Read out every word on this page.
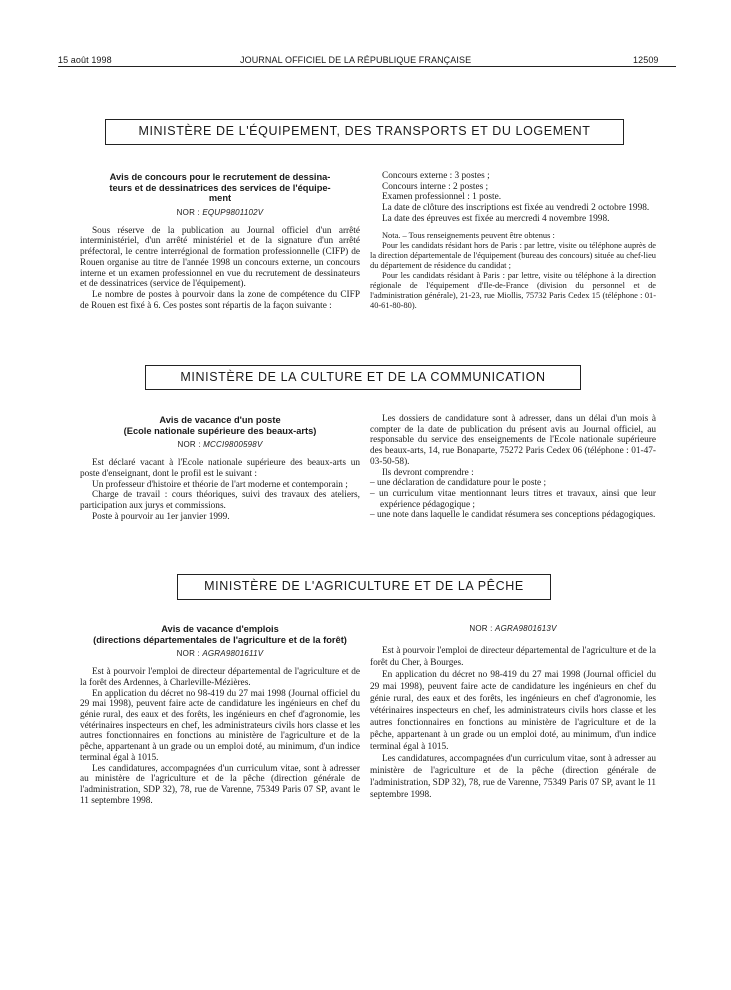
15 août 1998	JOURNAL OFFICIEL DE LA RÉPUBLIQUE FRANÇAISE	12509
MINISTÈRE DE L'ÉQUIPEMENT, DES TRANSPORTS ET DU LOGEMENT
Avis de concours pour le recrutement de dessina-
teurs et de dessinatrices des services de l'équipe-
ment
NOR : EQUP9801102V

Sous réserve de la publication au Journal officiel d'un arrêté interministériel, d'un arrêté ministériel et de la signature d'un arrêté préfectoral, le centre interrégional de formation professionnelle (CIFP) de Rouen organise au titre de l'année 1998 un concours externe, un concours interne et un examen professionnel en vue du recrutement de dessinateurs et de dessinatrices (service de l'équipement).

Le nombre de postes à pourvoir dans la zone de compétence du CIFP de Rouen est fixé à 6. Ces postes sont répartis de la façon suivante :

Concours externe : 3 postes ;

Concours interne : 2 postes ;

Examen professionnel : 1 poste.

La date de clôture des inscriptions est fixée au vendredi 2 octobre 1998.

La date des épreuves est fixée au mercredi 4 novembre 1998.

Nota. – Tous renseignements peuvent être obtenus :

Pour les candidats résidant hors de Paris : par lettre, visite ou téléphone auprès de la direction départementale de l'équipement (bureau des concours) située au chef-lieu du département de résidence du candidat ;

Pour les candidats résidant à Paris : par lettre, visite ou téléphone à la direction régionale de l'équipement d'Ile-de-France (division du personnel et de l'administration générale), 21-23, rue Miollis, 75732 Paris Cedex 15 (téléphone : 01-40-61-80-80).

MINISTÈRE DE LA CULTURE ET DE LA COMMUNICATION
Avis de vacance d'un poste
(Ecole nationale supérieure des beaux-arts)
NOR : MCCI9800598V

Est déclaré vacant à l'Ecole nationale supérieure des beaux-arts un poste d'enseignant, dont le profil est le suivant :

Un professeur d'histoire et théorie de l'art moderne et contemporain ;

Charge de travail : cours théoriques, suivi des travaux des ateliers, participation aux jurys et commissions.

Poste à pourvoir au 1er janvier 1999.

Les dossiers de candidature sont à adresser, dans un délai d'un mois à compter de la date de publication du présent avis au Journal officiel, au responsable du service des enseignements de l'Ecole nationale supérieure des beaux-arts, 14, rue Bonaparte, 75272 Paris Cedex 06 (téléphone : 01-47-03-50-58).

Ils devront comprendre :

– une déclaration de candidature pour le poste ;

– un curriculum vitae mentionnant leurs titres et travaux, ainsi que leur expérience pédagogique ;

– une note dans laquelle le candidat résumera ses conceptions pédagogiques.

MINISTÈRE DE L'AGRICULTURE ET DE LA PÊCHE
Avis de vacance d'emplois
(directions départementales de l'agriculture et de la forêt)
NOR : AGRA9801611V

Est à pourvoir l'emploi de directeur départemental de l'agriculture et de la forêt des Ardennes, à Charleville-Mézières.

En application du décret no 98-419 du 27 mai 1998 (Journal officiel du 29 mai 1998), peuvent faire acte de candidature les ingénieurs en chef du génie rural, des eaux et des forêts, les ingénieurs en chef d'agronomie, les vétérinaires inspecteurs en chef, les administrateurs civils hors classe et les autres fonctionnaires en fonctions au ministère de l'agriculture et de la pêche, appartenant à un grade ou un emploi doté, au minimum, d'un indice terminal égal à 1015.

Les candidatures, accompagnées d'un curriculum vitae, sont à adresser au ministère de l'agriculture et de la pêche (direction générale de l'administration, SDP 32), 78, rue de Varenne, 75349 Paris 07 SP, avant le 11 septembre 1998.

NOR : AGRA9801613V

Est à pourvoir l'emploi de directeur départemental de l'agriculture et de la forêt du Cher, à Bourges.

En application du décret no 98-419 du 27 mai 1998 (Journal officiel du 29 mai 1998), peuvent faire acte de candidature les ingénieurs en chef du génie rural, des eaux et des forêts, les ingénieurs en chef d'agronomie, les vétérinaires inspecteurs en chef, les administrateurs civils hors classe et les autres fonctionnaires en fonctions au ministère de l'agriculture et de la pêche, appartenant à un grade ou un emploi doté, au minimum, d'un indice terminal égal à 1015.

Les candidatures, accompagnées d'un curriculum vitae, sont à adresser au ministère de l'agriculture et de la pêche (direction générale de l'administration, SDP 32), 78, rue de Varenne, 75349 Paris 07 SP, avant le 11 septembre 1998.
